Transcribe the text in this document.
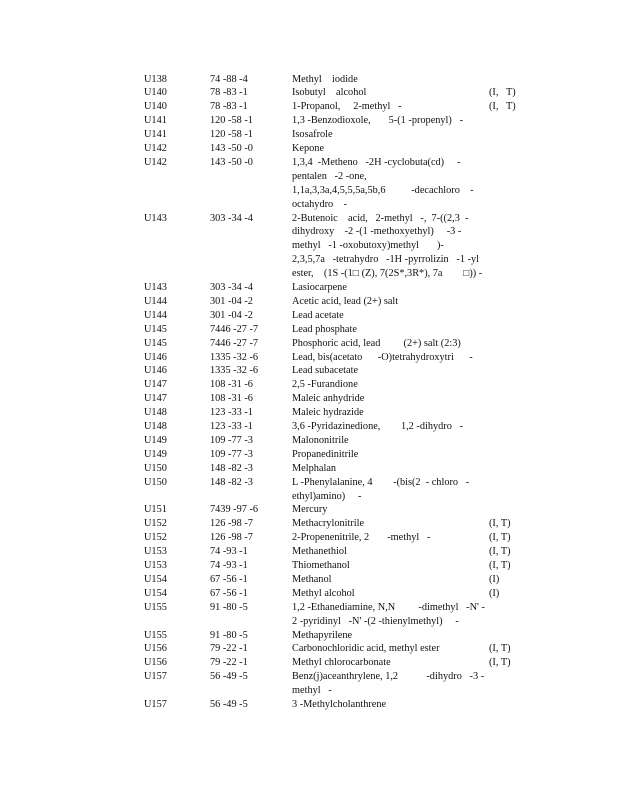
U138	74 -88 -4	Methyl    iodide
U140	78 -83 -1	Isobutyl    alcohol	(I,   T)
U140	78 -83 -1	1-Propanol,     2-methyl   -	(I,   T)
U141	120 -58 -1	1,3 -Benzodioxole,       5-(1 -propenyl)   -
U141	120 -58 -1	Isosafrole
U142	143 -50 -0	Kepone
U142	143 -50 -0	1,3,4  -Metheno   -2H -cyclobuta(cd)     -
pentalen   -2 -one,
1,1a,3,3a,4,5,5,5a,5b,6          -decachloro    -
octahydro    -
U143	303 -34 -4	2-Butenoic    acid,   2-methyl   -,  7-((2,3  -
dihydroxy    -2 -(1 -methoxyethyl)     -3 -
methyl   -1 -oxobutoxy)methyl       )-
2,3,5,7a   -tetrahydro   -1H -pyrrolizin   -1 -yl
ester,    (1S -(1□ (Z), 7(2S*,3R*), 7a        □)) -
U143	303 -34 -4	Lasiocarpene
U144	301 -04 -2	Acetic acid, lead (2+) salt
U144	301 -04 -2	Lead acetate
U145	7446 -27 -7	Lead phosphate
U145	7446 -27 -7	Phosphoric acid, lead         (2+) salt (2:3)
U146	1335 -32 -6	Lead, bis(acetato      -O)tetrahydroxytri      -
U146	1335 -32 -6	Lead subacetate
U147	108 -31 -6	2,5 -Furandione
U147	108 -31 -6	Maleic anhydride
U148	123 -33 -1	Maleic hydrazide
U148	123 -33 -1	3,6 -Pyridazinedione,        1,2 -dihydro   -
U149	109 -77 -3	Malononitrile
U149	109 -77 -3	Propanedinitrile
U150	148 -82 -3	Melphalan
U150	148 -82 -3	L -Phenylalanine, 4        -(bis(2  - chloro   -
ethyl)amino)     -
U151	7439 -97 -6	Mercury
U152	126 -98 -7	Methacrylonitrile	(I, T)
U152	126 -98 -7	2-Propenenitrile, 2       -methyl   -	(I, T)
U153	74 -93 -1	Methanethiol	(I, T)
U153	74 -93 -1	Thiomethanol	(I, T)
U154	67 -56 -1	Methanol	(I)
U154	67 -56 -1	Methyl alcohol	(I)
U155	91 -80 -5	1,2 -Ethanediamine, N,N         -dimethyl   -N' -
2 -pyridinyl   -N' -(2 -thienylmethyl)     -
U155	91 -80 -5	Methapyrilene
U156	79 -22 -1	Carbonochloridic acid, methyl ester	(I, T)
U156	79 -22 -1	Methyl chlorocarbonate	(I, T)
U157	56 -49 -5	Benz(j)aceanthrylene, 1,2           -dihydro   -3 -
methyl   -
U157	56 -49 -5	3 -Methylcholanthrene
